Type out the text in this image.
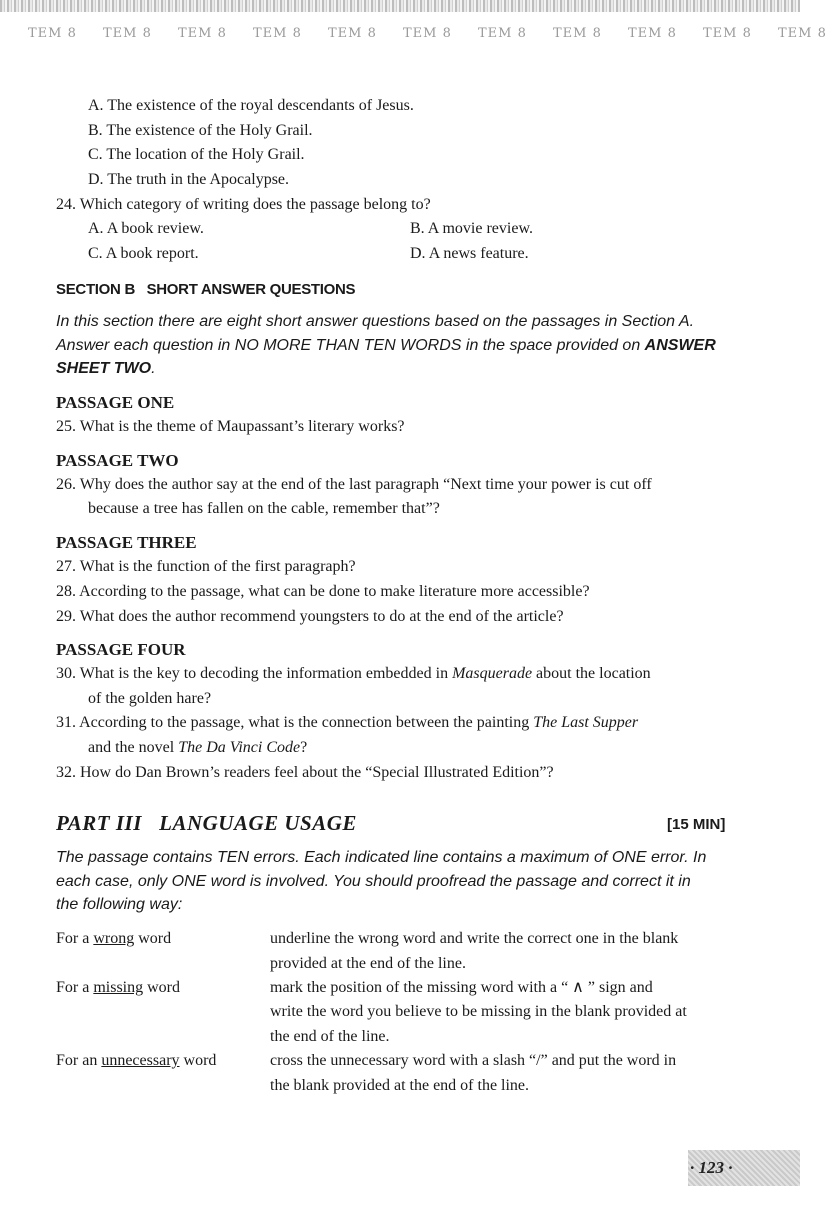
TEM 8	TEM 8	TEM 8	TEM 8	TEM 8	TEM 8	TEM 8	TEM 8	TEM 8	TEM 8	TEM 8
A. The existence of the royal descendants of Jesus.
B. The existence of the Holy Grail.
C. The location of the Holy Grail.
D. The truth in the Apocalypse.
24. Which category of writing does the passage belong to?
A. A book review.	B. A movie review.
C. A book report.	D. A news feature.
SECTION B   SHORT ANSWER QUESTIONS
In this section there are eight short answer questions based on the passages in Section A.
Answer each question in NO MORE THAN TEN WORDS in the space provided on ANSWER
SHEET TWO.
PASSAGE ONE
25. What is the theme of Maupassant’s literary works?
PASSAGE TWO
26. Why does the author say at the end of the last paragraph “Next time your power is cut off
because a tree has fallen on the cable, remember that”?
PASSAGE THREE
27. What is the function of the first paragraph?
28. According to the passage, what can be done to make literature more accessible?
29. What does the author recommend youngsters to do at the end of the article?
PASSAGE FOUR
30. What is the key to decoding the information embedded in Masquerade about the location
of the golden hare?
31. According to the passage, what is the connection between the painting The Last Supper
and the novel The Da Vinci Code?
32. How do Dan Brown’s readers feel about the “Special Illustrated Edition”?
PART III   LANGUAGE USAGE	[15 MIN]
The passage contains TEN errors. Each indicated line contains a maximum of ONE error. In
each case, only ONE word is involved. You should proofread the passage and correct it in
the following way:
For a wrong word	underline the wrong word and write the correct one in the blank
provided at the end of the line.
For a missing word	mark the position of the missing word with a “ ∧ ” sign and
write the word you believe to be missing in the blank provided at
the end of the line.
For an unnecessary word	cross the unnecessary word with a slash “/” and put the word in
the blank provided at the end of the line.
· 123 ·
